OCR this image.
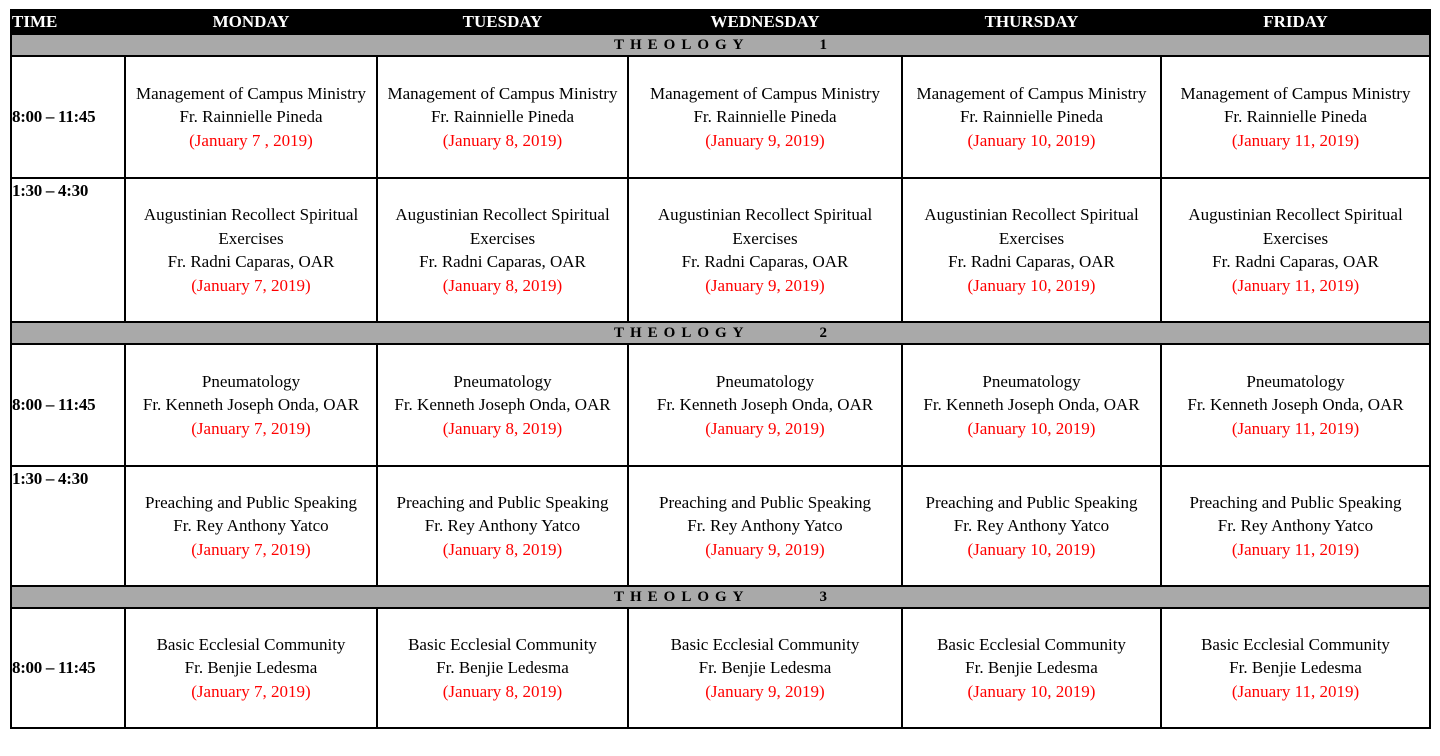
TIME	MONDAY	TUESDAY	WEDNESDAY	THURSDAY	FRIDAY
THEOLOGY 1					
8:00 – 11:45	Management of Campus Ministry
Fr. Rainnielle Pineda
(January 7 , 2019)	Management of Campus Ministry
Fr. Rainnielle Pineda
(January 8, 2019)	Management of Campus Ministry
Fr. Rainnielle Pineda
(January 9, 2019)	Management of Campus Ministry
Fr. Rainnielle Pineda
(January 10, 2019)	Management of Campus Ministry
Fr. Rainnielle Pineda
(January 11, 2019)

1:30 – 4:30	Augustinian Recollect Spiritual Exercises
Fr. Radni Caparas, OAR
(January 7, 2019)	Augustinian Recollect Spiritual Exercises
Fr. Radni Caparas, OAR
(January 8, 2019)	Augustinian Recollect Spiritual Exercises
Fr. Radni Caparas, OAR
(January 9, 2019)	Augustinian Recollect Spiritual Exercises
Fr. Radni Caparas, OAR
(January 10, 2019)	Augustinian Recollect Spiritual Exercises
Fr. Radni Caparas, OAR
(January 11, 2019)

THEOLOGY 2					
8:00 – 11:45	Pneumatology
Fr. Kenneth Joseph Onda, OAR
(January 7, 2019)	Pneumatology
Fr. Kenneth Joseph Onda, OAR
(January 8, 2019)	Pneumatology
Fr. Kenneth Joseph Onda, OAR
(January 9, 2019)	Pneumatology
Fr. Kenneth Joseph Onda, OAR
(January 10, 2019)	Pneumatology
Fr. Kenneth Joseph Onda, OAR
(January 11, 2019)

1:30 – 4:30	Preaching and Public Speaking
Fr. Rey Anthony Yatco
(January 7, 2019)	Preaching and Public Speaking
Fr. Rey Anthony Yatco
(January 8, 2019)	Preaching and Public Speaking
Fr. Rey Anthony Yatco
(January 9, 2019)	Preaching and Public Speaking
Fr. Rey Anthony Yatco
(January 10, 2019)	Preaching and Public Speaking
Fr. Rey Anthony Yatco
(January 11, 2019)

THEOLOGY 3					
8:00 – 11:45	Basic Ecclesial Community
Fr. Benjie Ledesma
(January 7, 2019)	Basic Ecclesial Community
Fr. Benjie Ledesma
(January 8, 2019)	Basic Ecclesial Community
Fr. Benjie Ledesma
(January 9, 2019)	Basic Ecclesial Community
Fr. Benjie Ledesma
(January 10, 2019)	Basic Ecclesial Community
Fr. Benjie Ledesma
(January 11, 2019)
